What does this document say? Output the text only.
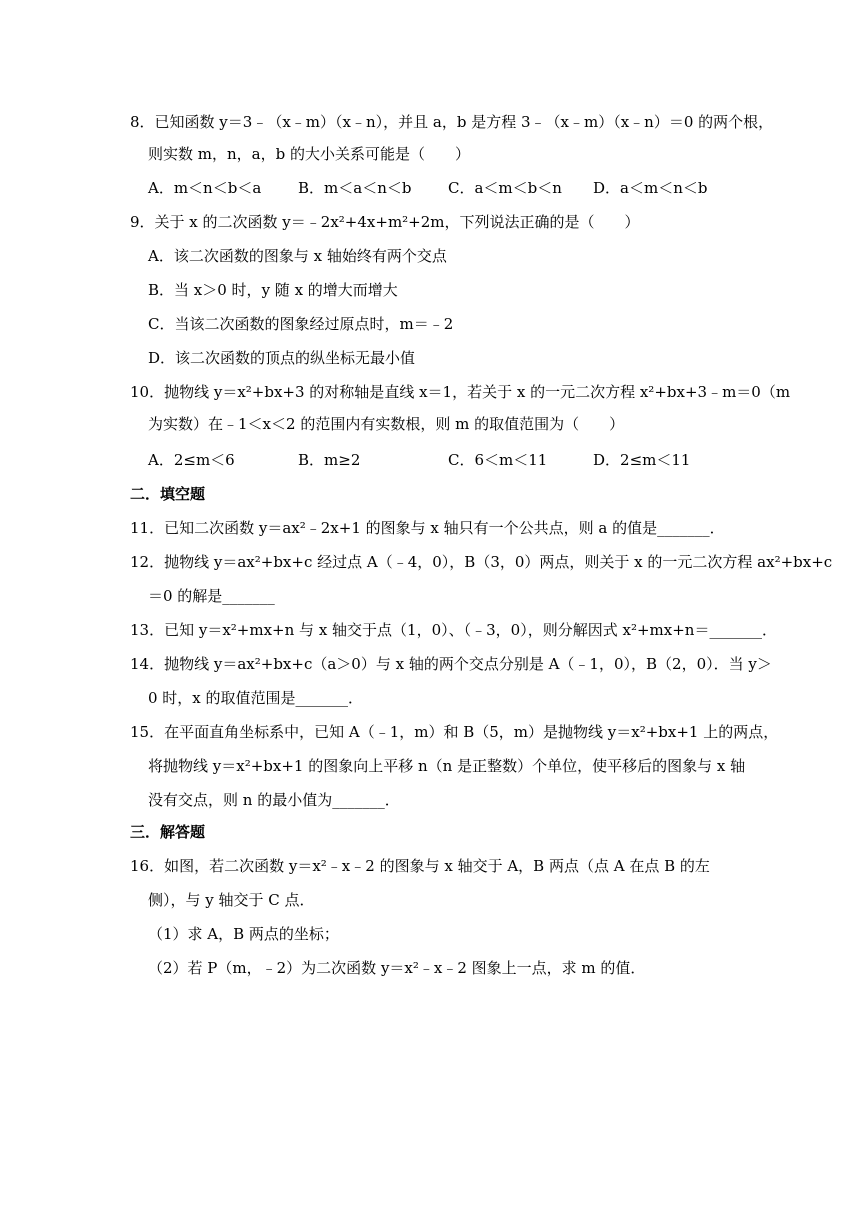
8．已知函数 y＝3﹣（x﹣m）（x﹣n），并且 a，b 是方程 3﹣（x﹣m）（x﹣n）＝0 的两个根，
则实数 m，n，a，b 的大小关系可能是（　　）
A．m＜n＜b＜a B．m＜a＜n＜b C．a＜m＜b＜n D．a＜m＜n＜b
9．关于 x 的二次函数 y＝﹣2x²+4x+m²+2m，下列说法正确的是（　　）
A．该二次函数的图象与 x 轴始终有两个交点
B．当 x＞0 时，y 随 x 的增大而增大
C．当该二次函数的图象经过原点时，m＝﹣2
D．该二次函数的顶点的纵坐标无最小值
10．抛物线 y＝x²+bx+3 的对称轴是直线 x＝1，若关于 x 的一元二次方程 x²+bx+3﹣m＝0（m
为实数）在﹣1＜x＜2 的范围内有实数根，则 m 的取值范围为（　　）
A．2≤m＜6	B．m≥2	C．6＜m＜11	D．2≤m＜11
二．填空题
11．已知二次函数 y＝ax²﹣2x+1 的图象与 x 轴只有一个公共点，则 a 的值是_______．
12．抛物线 y＝ax²+bx+c 经过点 A（﹣4，0），B（3，0）两点，则关于 x 的一元二次方程 ax²+bx+c
＝0 的解是_______
13．已知 y＝x²+mx+n 与 x 轴交于点（1，0）、（﹣3，0），则分解因式 x²+mx+n＝_______．
14．抛物线 y＝ax²+bx+c（a＞0）与 x 轴的两个交点分别是 A（﹣1，0），B（2，0）．当 y＞
0 时，x 的取值范围是_______．
15．在平面直角坐标系中，已知 A（﹣1，m）和 B（5，m）是抛物线 y＝x²+bx+1 上的两点，
将抛物线 y＝x²+bx+1 的图象向上平移 n（n 是正整数）个单位，使平移后的图象与 x 轴
没有交点，则 n 的最小值为_______．
三．解答题
16．如图，若二次函数 y＝x²﹣x﹣2 的图象与 x 轴交于 A，B 两点（点 A 在点 B 的左
侧），与 y 轴交于 C 点．
（1）求 A，B 两点的坐标；
（2）若 P（m，﹣2）为二次函数 y＝x²﹣x﹣2 图象上一点，求 m 的值．
